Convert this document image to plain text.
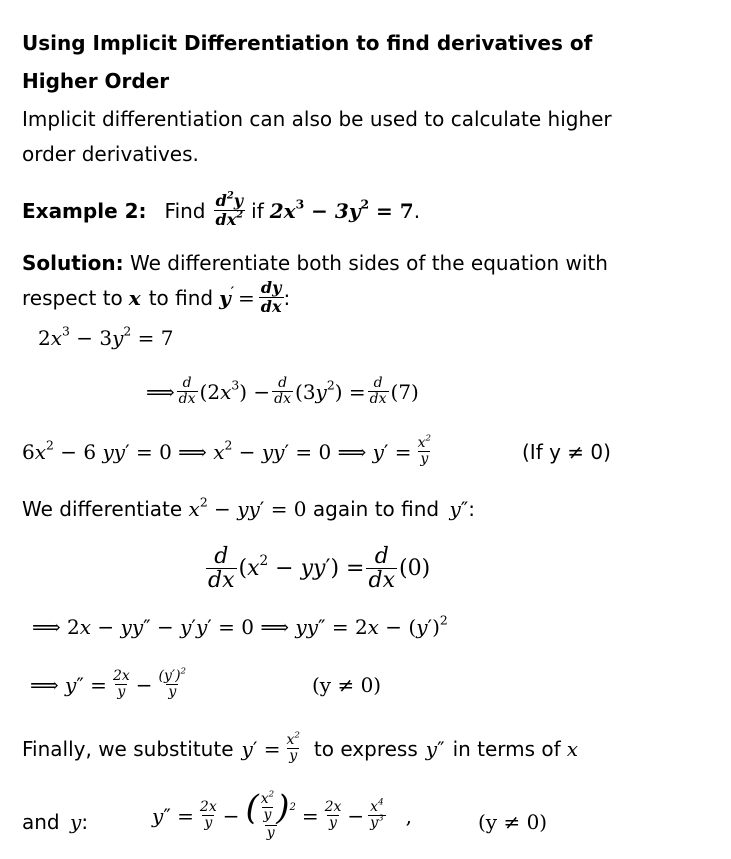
Using Implicit Differentiation to find derivatives of
Higher Order
Implicit differentiation can also be used to calculate higher
order derivatives.
Example 2: Find $d^2y$
$dx^2$ if $2x^3 - 3y^2 = 7$ .
Solution: We differentiate both sides of the equation with
respect to x to find $y' = \frac{dy}{dx}$ :
$2x^3 - 3y^2 = 7$
⟹ d
dx $(2x^3) - \frac{d}{dx} (3y^2) = \frac{d}{dx} (7)$
$6x^2 - 6$ yy′ = 0 ⟹ $x^2 - yy' = 0$ ⟹ $y' = \frac{x^2}{y}$	(If y ≠ 0)
We differentiate $x^2 - yy' = 0$ again to find y″:
d
dx $(x^2 - yy') = \frac{d}{dx} (0)$
⟹ 2x − yy″ − y′y′ = 0 ⟹ $yy'' = 2x - (y')^2$
⟹ $y'' = \frac{2x}{y} - \frac{(y')^2}{y}$	(y ≠ 0)
Finally, we substitute $y' = \frac{x^2}{y}$ to express y″ in terms of x
and y:	$y'' = \frac{2x}{y}$ − ( $x^2$
y ) 2
$y = \frac{2x}{y} - \frac{x^4}{y^3}$ ,	(y ≠ 0)
